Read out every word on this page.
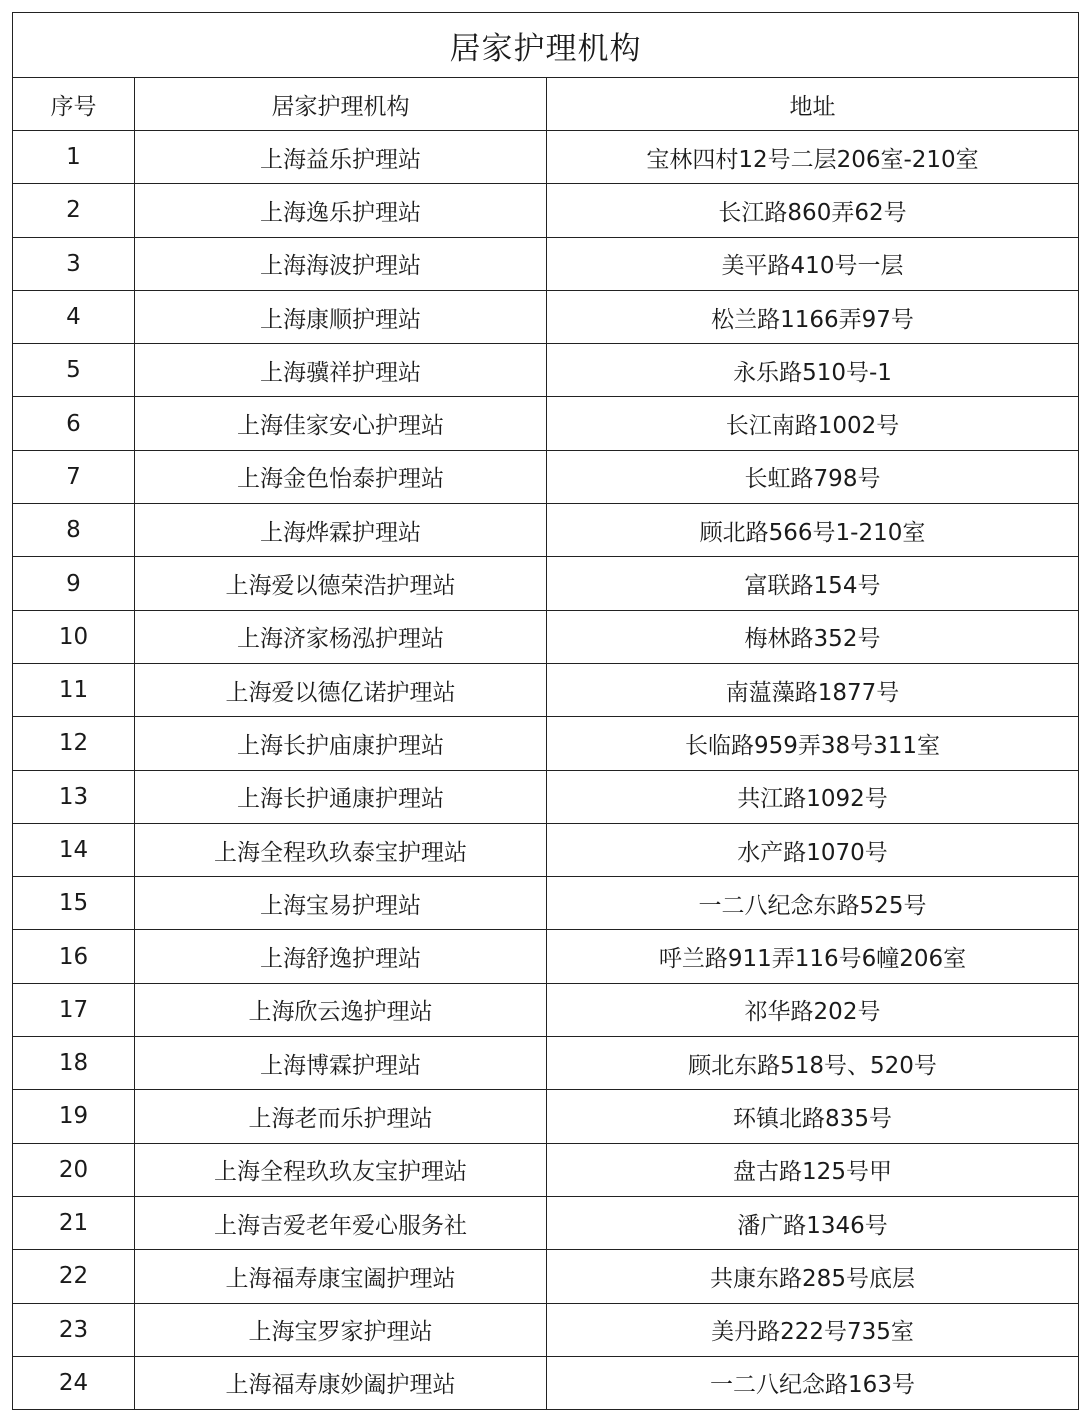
居家护理机构		
序号	居家护理机构	地址
1	上海益乐护理站	宝林四村12号二层206室-210室
2	上海逸乐护理站	长江路860弄62号
3	上海海波护理站	美平路410号一层
4	上海康顺护理站	松兰路1166弄97号
5	上海骥祥护理站	永乐路510号-1
6	上海佳家安心护理站	长江南路1002号
7	上海金色怡泰护理站	长虹路798号
8	上海烨霖护理站	顾北路566号1-210室
9	上海爱以德荣浩护理站	富联路154号
10	上海济家杨泓护理站	梅林路352号
11	上海爱以德亿诺护理站	南蕰藻路1877号
12	上海长护庙康护理站	长临路959弄38号311室
13	上海长护通康护理站	共江路1092号
14	上海全程玖玖泰宝护理站	水产路1070号
15	上海宝易护理站	一二八纪念东路525号
16	上海舒逸护理站	呼兰路911弄116号6幢206室
17	上海欣云逸护理站	祁华路202号
18	上海博霖护理站	顾北东路518号、520号
19	上海老而乐护理站	环镇北路835号
20	上海全程玖玖友宝护理站	盘古路125号甲
21	上海吉爱老年爱心服务社	潘广路1346号
22	上海福寿康宝阖护理站	共康东路285号底层
23	上海宝罗家护理站	美丹路222号735室
24	上海福寿康妙阖护理站	一二八纪念路163号
